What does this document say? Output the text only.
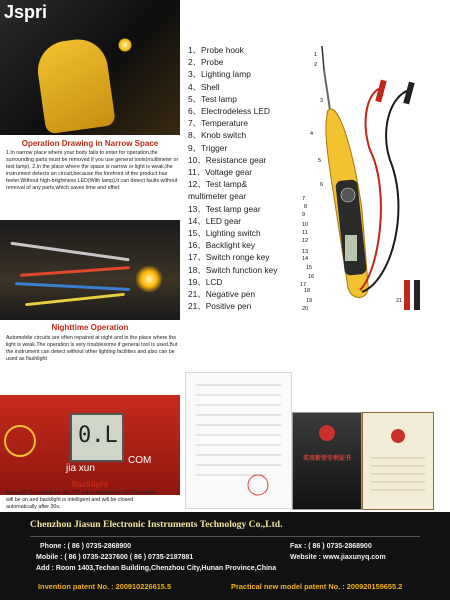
Jspri
Operation Drawing in Narrow Space
1.In narrow place where your body fails to enter for operation,the surrounding parts must be removed if you use general tools(multimeter or test lamp). 2.In the place where the space is narrow or light is weak,the instrument detects an circuit,because the forefront of the product has feeler.Without high-brightness LED(With lamp),it can detect faults without removal of any parts,which saves time and effort
Nighttime Operation
Automobile circuits are often repaired at night and in the place where the light is weak.The operation is very troublesome if general tool is used.But the instrument can detect without other lighting facilities and also can be used as flashlight
0.L
COM
jia xun
Backlight
Press(BL(TH)switch for 3s,LCD super-brightness LED backlight will be on,and backlight is intelligent and will be closed automatically after 30s.
1、Probe hook
2、Probe
3、Lighting lamp
4、Shell
5、Test lamp
6、Electrodeless LED
7、Temperature
8、Knob switch
9、Trigger
10、Resistance gear
11、Voltage gear
12、Test lamp&
multimeter gear
13、Test lamp gear
14、LED gear
15、Lighting switch
16、Backlight key
17、Switch ronge key
18、Switch function key
19、LCD
21、Negative pen
21、Positive pen
1
2
3
4
5
6
7
8
9
10
11
12
13
14
15
16
17
18
19
20
21
实用新型专利证书
Chenzhou Jiasun Electronic Instruments Technology Co.,Ltd.
Phone : ( 86 ) 0735-2868900	Fax : ( 86 ) 0735-2868900
Mobile : ( 86 ) 0735-2237600 ( 86 ) 0735-2187881	Website : www.jiaxunyq.com
Add : Room 1403,Techan Building,Chenzhou City,Hunan Province,China
Invention patent No. : 200910226615.5	Practical new model patent No. : 200920159655.2
